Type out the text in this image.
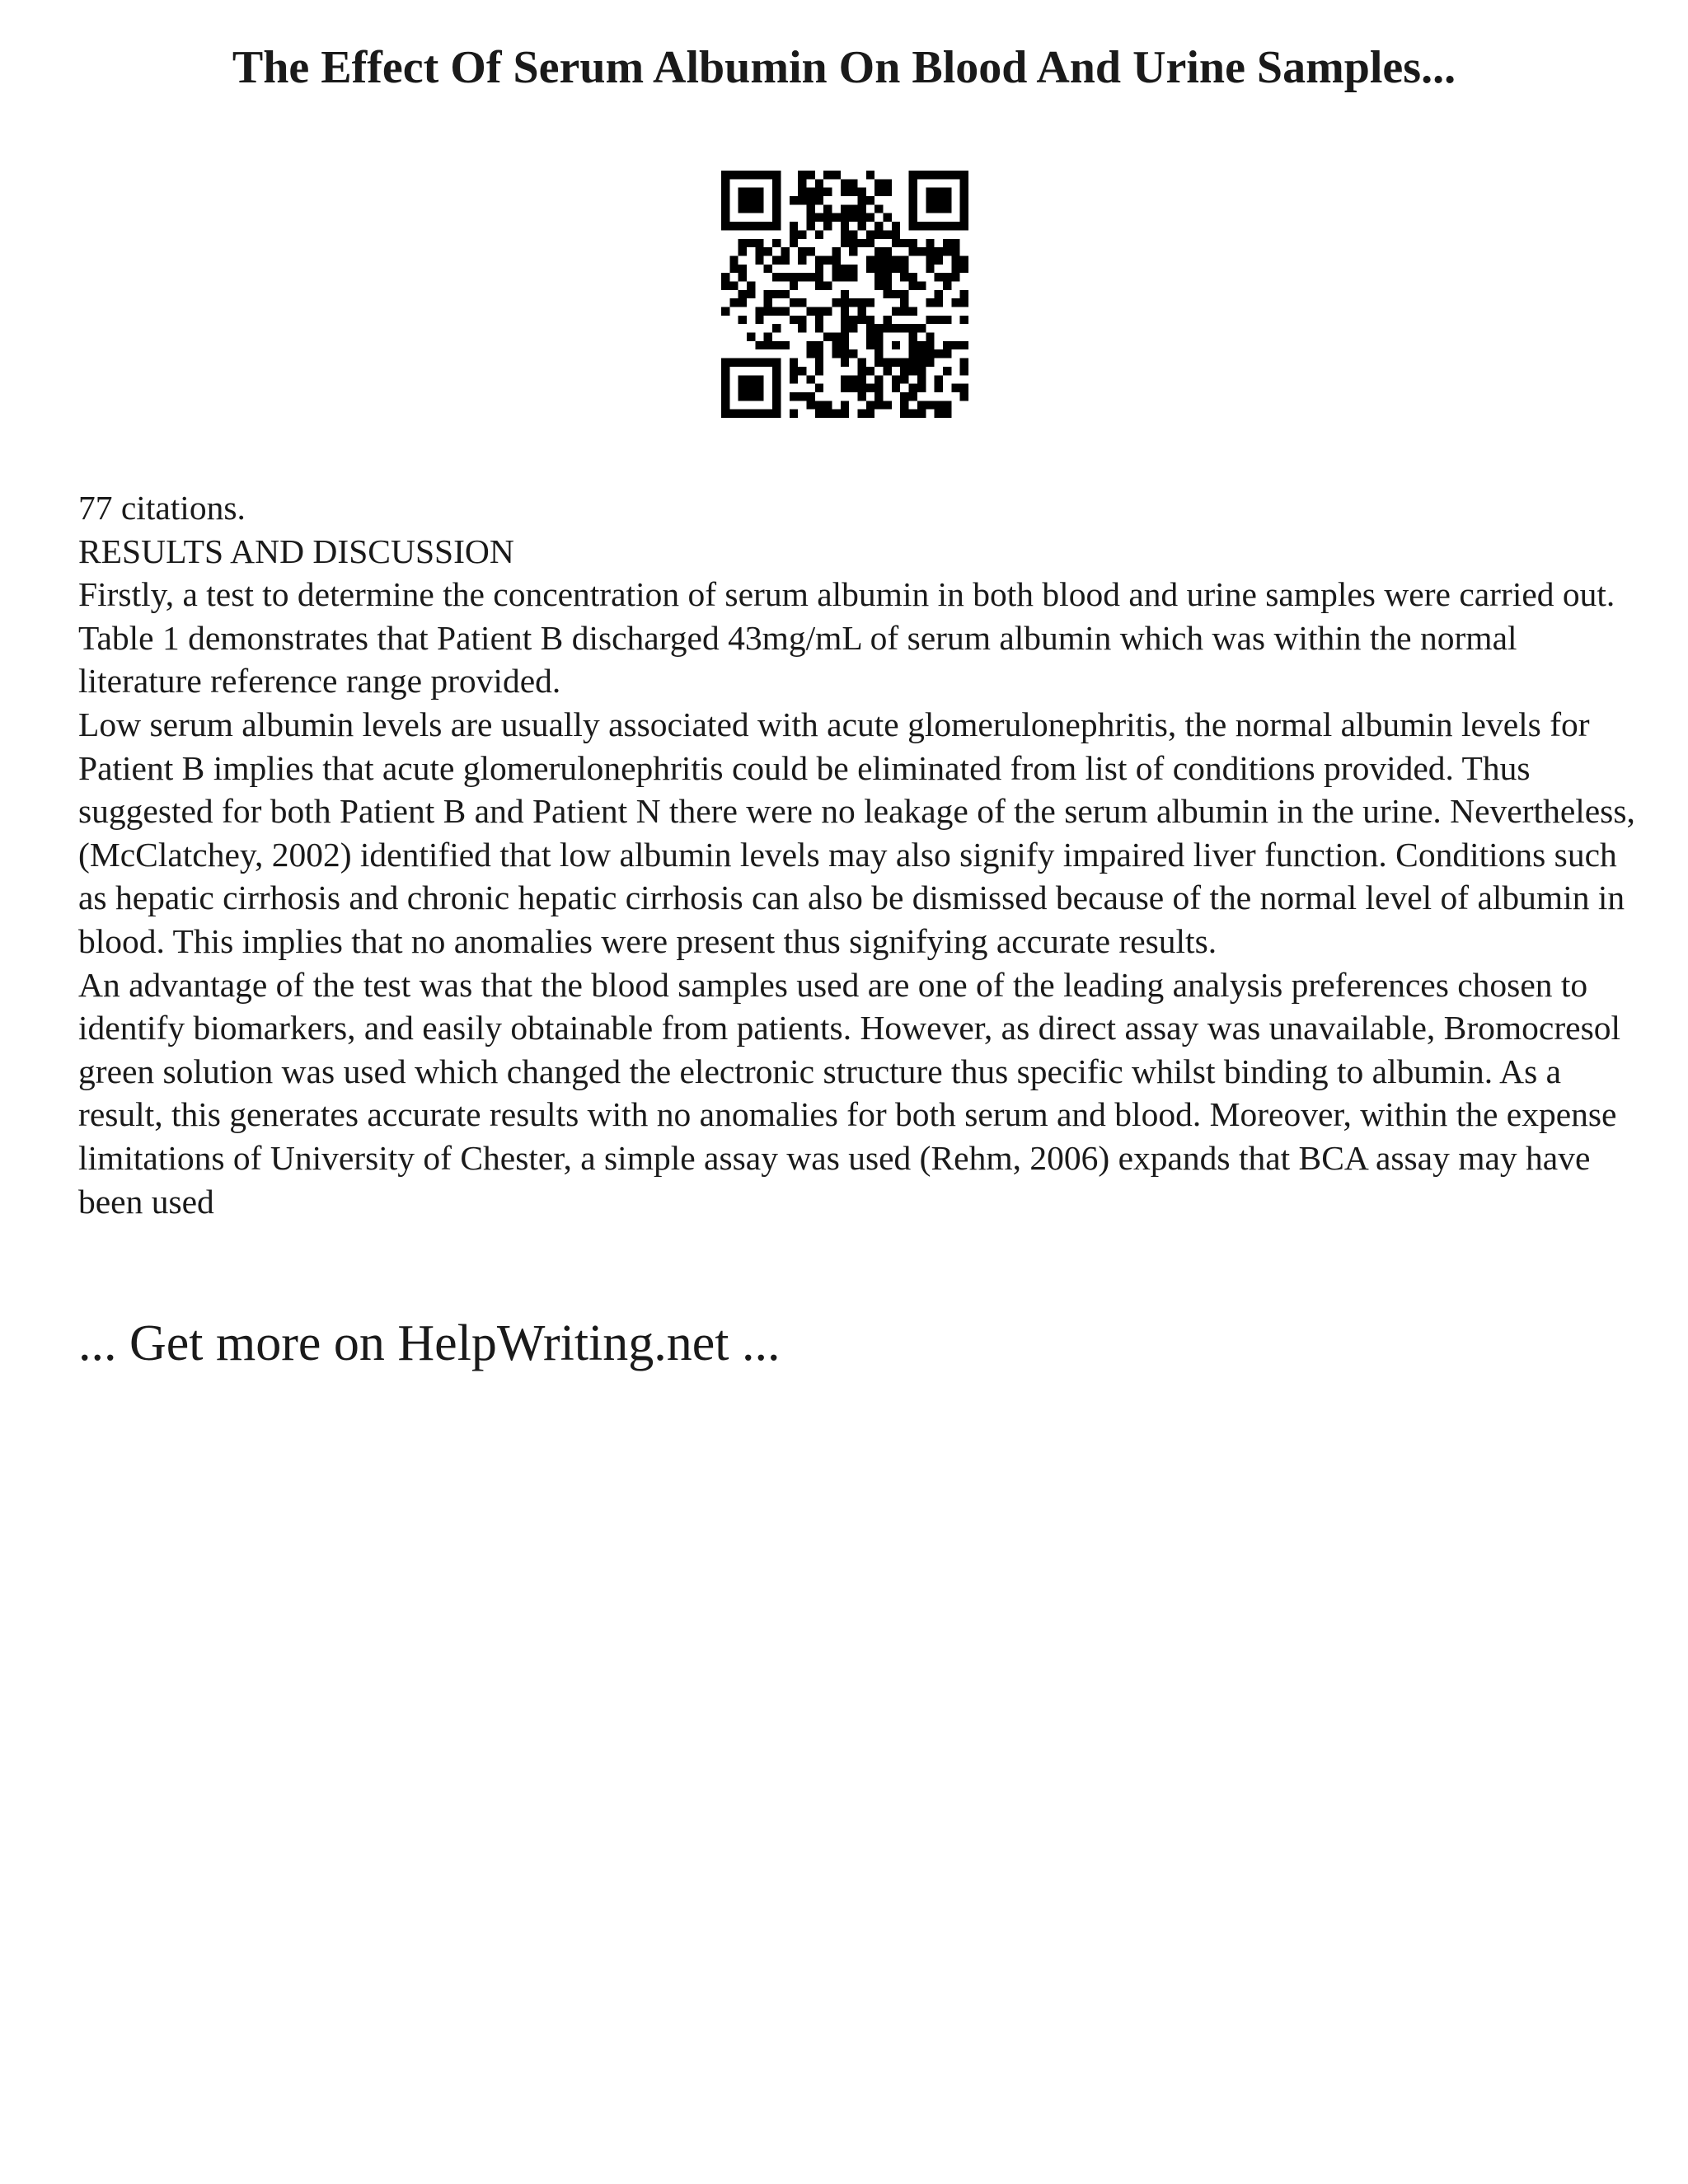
The Effect Of Serum Albumin On Blood And Urine Samples...

77 citations.

RESULTS AND DISCUSSION

Firstly, a test to determine the concentration of serum albumin in both blood and urine samples were carried out. Table 1 demonstrates that Patient B discharged 43mg/mL of serum albumin which was within the normal literature reference range provided.

Low serum albumin levels are usually associated with acute glomerulonephritis, the normal albumin levels for Patient B implies that acute glomerulonephritis could be eliminated from list of conditions provided. Thus suggested for both Patient B and Patient N there were no leakage of the serum albumin in the urine. Nevertheless, (McClatchey, 2002) identified that low albumin levels may also signify impaired liver function. Conditions such as hepatic cirrhosis and chronic hepatic cirrhosis can also be dismissed because of the normal level of albumin in blood. This implies that no anomalies were present thus signifying accurate results.

An advantage of the test was that the blood samples used are one of the leading analysis preferences chosen to identify biomarkers, and easily obtainable from patients. However, as direct assay was unavailable, Bromocresol green solution was used which changed the electronic structure thus specific whilst binding to albumin. As a result, this generates accurate results with no anomalies for both serum and blood. Moreover, within the expense limitations of University of Chester, a simple assay was used (Rehm, 2006) expands that BCA assay may have been used

... Get more on HelpWriting.net ...
